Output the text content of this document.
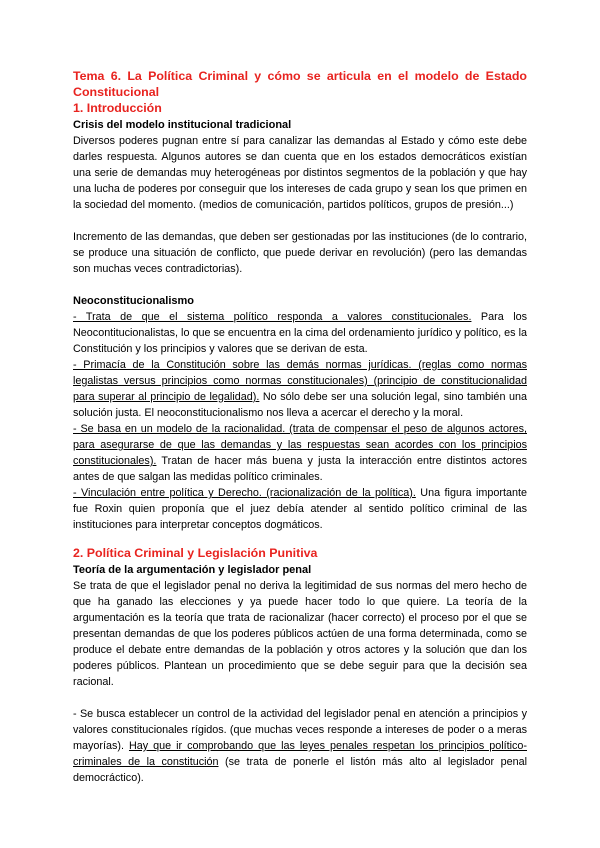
Tema 6. La Política Criminal y cómo se articula en el modelo de Estado Constitucional
1. Introducción
Crisis del modelo institucional tradicional

Diversos poderes pugnan entre sí para canalizar las demandas al Estado y cómo este debe darles respuesta. Algunos autores se dan cuenta que en los estados democráticos existían una serie de demandas muy heterogéneas por distintos segmentos de la población y que hay una lucha de poderes por conseguir que los intereses de cada grupo y sean los que primen en la sociedad del momento. (medios de comunicación, partidos políticos, grupos de presión...)

Incremento de las demandas, que deben ser gestionadas por las instituciones (de lo contrario, se produce una situación de conflicto, que puede derivar en revolución) (pero las demandas son muchas veces contradictorias).

Neoconstitucionalismo

- Trata de que el sistema político responda a valores constitucionales. Para los Neocontitucionalistas, lo que se encuentra en la cima del ordenamiento jurídico y político, es la Constitución y los principios y valores que se derivan de esta.

- Primacía de la Constitución sobre las demás normas jurídicas. (reglas como normas legalistas versus principios como normas constitucionales) (principio de constitucionalidad para superar al principio de legalidad). No sólo debe ser una solución legal, sino también una solución justa. El neoconstitucionalismo nos lleva a acercar el derecho y la moral.

- Se basa en un modelo de la racionalidad. (trata de compensar el peso de algunos actores, para asegurarse de que las demandas y las respuestas sean acordes con los principios constitucionales). Tratan de hacer más buena y justa la interacción entre distintos actores antes de que salgan las medidas político criminales.

- Vinculación entre política y Derecho. (racionalización de la política). Una figura importante fue Roxin quien proponía que el juez debía atender al sentido político criminal de las instituciones para interpretar conceptos dogmáticos.

2. Política Criminal y Legislación Punitiva
Teoría de la argumentación y legislador penal

Se trata de que el legislador penal no deriva la legitimidad de sus normas del mero hecho de que ha ganado las elecciones y ya puede hacer todo lo que quiere. La teoría de la argumentación es la teoría que trata de racionalizar (hacer correcto) el proceso por el que se presentan demandas de que los poderes públicos actúen de una forma determinada, como se produce el debate entre demandas de la población y otros actores y la solución que dan los poderes públicos. Plantean un procedimiento que se debe seguir para que la decisión sea racional.

- Se busca establecer un control de la actividad del legislador penal en atención a principios y valores constitucionales rígidos. (que muchas veces responde a intereses de poder o a meras mayorías). Hay que ir comprobando que las leyes penales respetan los principios político-criminales de la constitución (se trata de ponerle el listón más alto al legislador penal democráctico).
